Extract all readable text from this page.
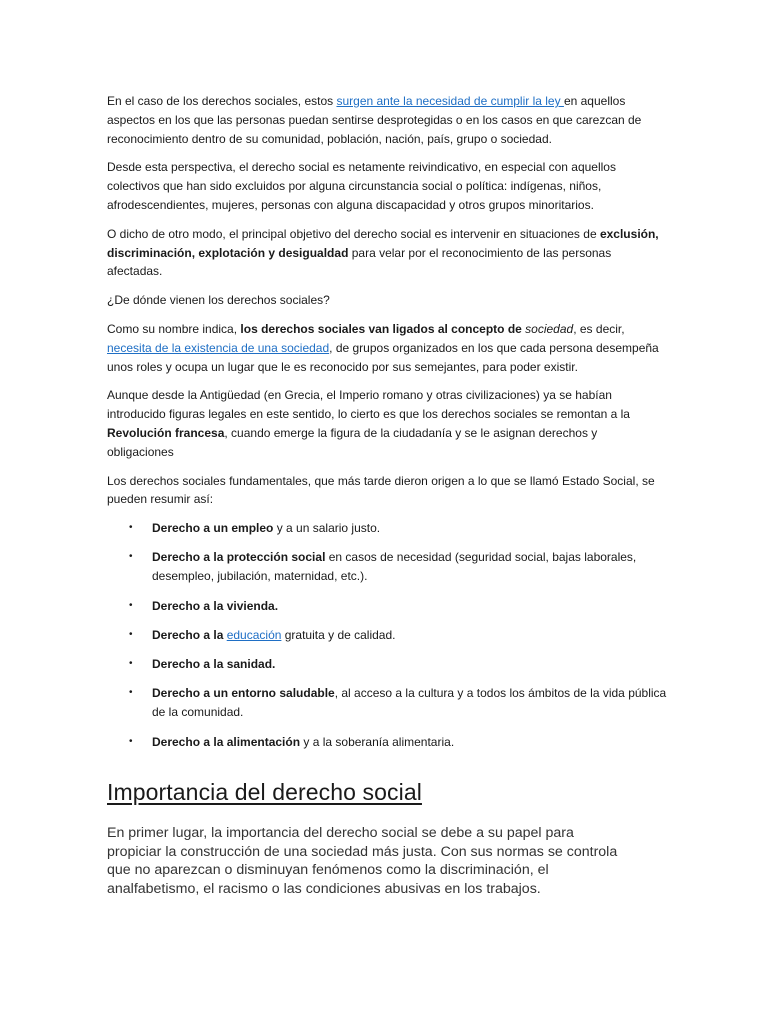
En el caso de los derechos sociales, estos surgen ante la necesidad de cumplir la ley en aquellos aspectos en los que las personas puedan sentirse desprotegidas o en los casos en que carezcan de reconocimiento dentro de su comunidad, población, nación, país, grupo o sociedad.

Desde esta perspectiva, el derecho social es netamente reivindicativo, en especial con aquellos colectivos que han sido excluidos por alguna circunstancia social o política: indígenas, niños, afrodescendientes, mujeres, personas con alguna discapacidad y otros grupos minoritarios.

O dicho de otro modo, el principal objetivo del derecho social es intervenir en situaciones de exclusión, discriminación, explotación y desigualdad para velar por el reconocimiento de las personas afectadas.

¿De dónde vienen los derechos sociales?

Como su nombre indica, los derechos sociales van ligados al concepto de sociedad, es decir, necesita de la existencia de una sociedad, de grupos organizados en los que cada persona desempeña unos roles y ocupa un lugar que le es reconocido por sus semejantes, para poder existir.

Aunque desde la Antigüedad (en Grecia, el Imperio romano y otras civilizaciones) ya se habían introducido figuras legales en este sentido, lo cierto es que los derechos sociales se remontan a la Revolución francesa, cuando emerge la figura de la ciudadanía y se le asignan derechos y obligaciones

Los derechos sociales fundamentales, que más tarde dieron origen a lo que se llamó Estado Social, se pueden resumir así:

• Derecho a un empleo y a un salario justo.
• Derecho a la protección social en casos de necesidad (seguridad social, bajas laborales, desempleo, jubilación, maternidad, etc.).
• Derecho a la vivienda.
• Derecho a la educación gratuita y de calidad.
• Derecho a la sanidad.
• Derecho a un entorno saludable, al acceso a la cultura y a todos los ámbitos de la vida pública de la comunidad.
• Derecho a la alimentación y a la soberanía alimentaria.
Importancia del derecho social

En primer lugar, la importancia del derecho social se debe a su papel para propiciar la construcción de una sociedad más justa. Con sus normas se controla que no aparezcan o disminuyan fenómenos como la discriminación, el analfabetismo, el racismo o las condiciones abusivas en los trabajos.
